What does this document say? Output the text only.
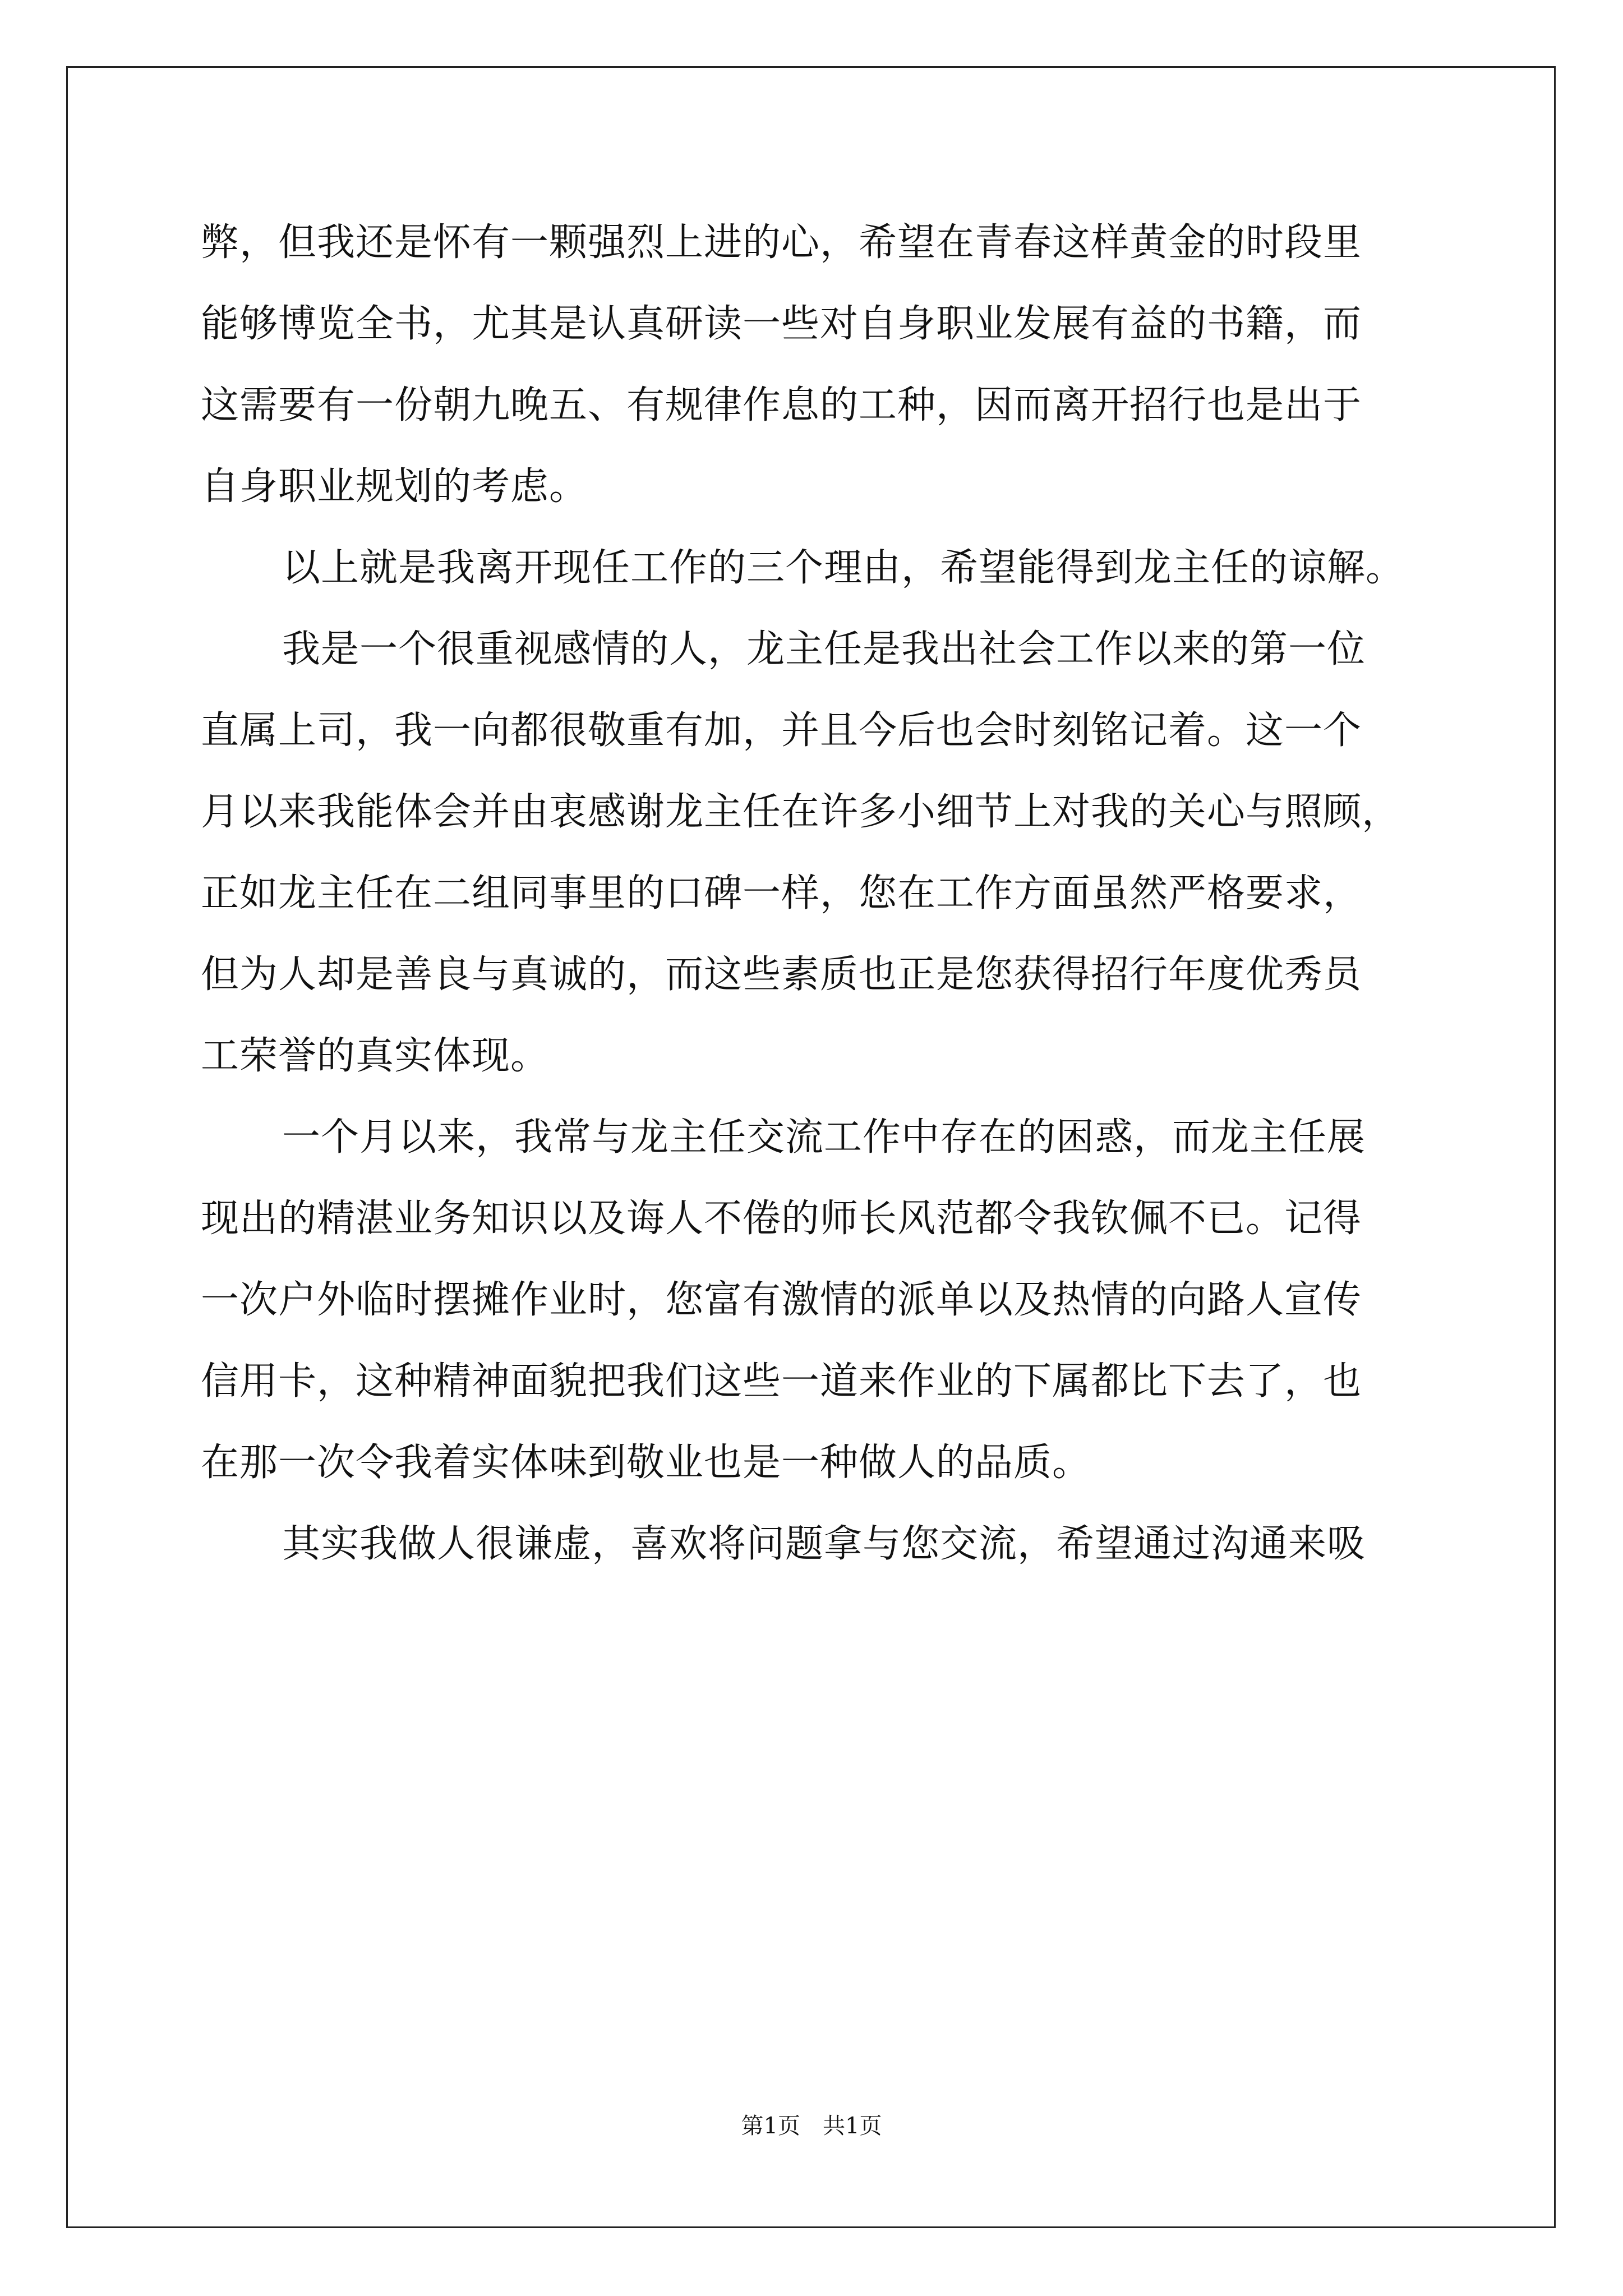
弊，但我还是怀有一颗强烈上进的心，希望在青春这样黄金的时段里
能够博览全书，尤其是认真研读一些对自身职业发展有益的书籍，而
这需要有一份朝九晚五、有规律作息的工种，因而离开招行也是出于
自身职业规划的考虑。
以上就是我离开现任工作的三个理由，希望能得到龙主任的谅解。
我是一个很重视感情的人，龙主任是我出社会工作以来的第一位
直属上司，我一向都很敬重有加，并且今后也会时刻铭记着。这一个
月以来我能体会并由衷感谢龙主任在许多小细节上对我的关心与照顾，
正如龙主任在二组同事里的口碑一样，您在工作方面虽然严格要求，
但为人却是善良与真诚的，而这些素质也正是您获得招行年度优秀员
工荣誉的真实体现。
一个月以来，我常与龙主任交流工作中存在的困惑，而龙主任展
现出的精湛业务知识以及诲人不倦的师长风范都令我钦佩不已。记得
一次户外临时摆摊作业时，您富有激情的派单以及热情的向路人宣传
信用卡，这种精神面貌把我们这些一道来作业的下属都比下去了，也
在那一次令我着实体味到敬业也是一种做人的品质。
其实我做人很谦虚，喜欢将问题拿与您交流，希望通过沟通来吸
第1页 共1页
